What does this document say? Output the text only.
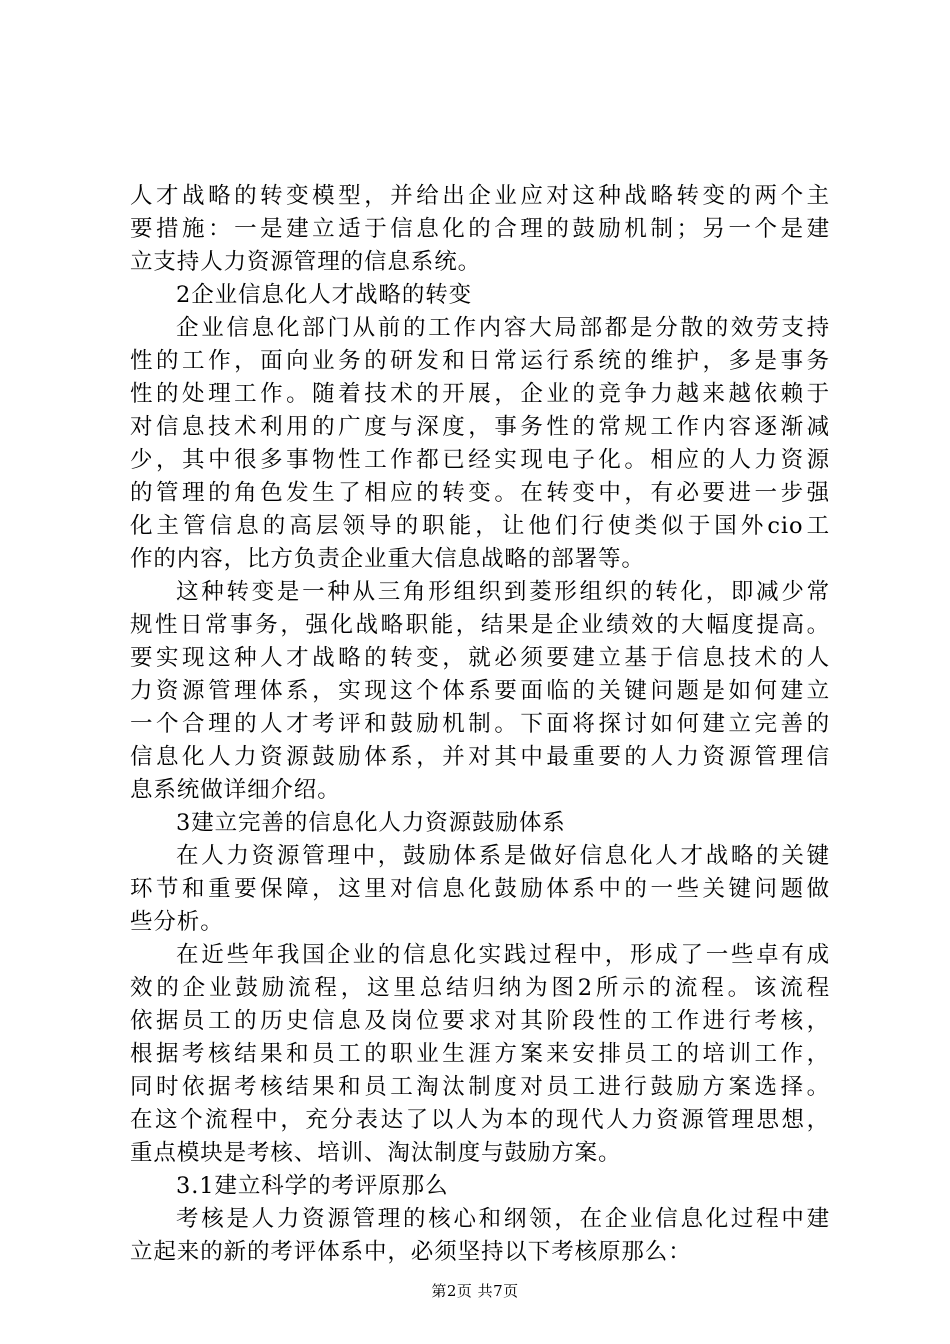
人才战略的转变模型，并给出企业应对这种战略转变的两个主
要措施：一是建立适于信息化的合理的鼓励机制；另一个是建
立支持人力资源管理的信息系统。
2企业信息化人才战略的转变
企业信息化部门从前的工作内容大局部都是分散的效劳支持
性的工作，面向业务的研发和日常运行系统的维护，多是事务
性的处理工作。随着技术的开展，企业的竞争力越来越依赖于
对信息技术利用的广度与深度，事务性的常规工作内容逐渐减
少，其中很多事物性工作都已经实现电子化。相应的人力资源
的管理的角色发生了相应的转变。在转变中，有必要进一步强
化主管信息的高层领导的职能，让他们行使类似于国外cio工
作的内容，比方负责企业重大信息战略的部署等。
这种转变是一种从三角形组织到菱形组织的转化，即减少常
规性日常事务，强化战略职能，结果是企业绩效的大幅度提高。
要实现这种人才战略的转变，就必须要建立基于信息技术的人
力资源管理体系，实现这个体系要面临的关键问题是如何建立
一个合理的人才考评和鼓励机制。下面将探讨如何建立完善的
信息化人力资源鼓励体系，并对其中最重要的人力资源管理信
息系统做详细介绍。
3建立完善的信息化人力资源鼓励体系
在人力资源管理中，鼓励体系是做好信息化人才战略的关键
环节和重要保障，这里对信息化鼓励体系中的一些关键问题做
些分析。
在近些年我国企业的信息化实践过程中，形成了一些卓有成
效的企业鼓励流程，这里总结归纳为图2所示的流程。该流程
依据员工的历史信息及岗位要求对其阶段性的工作进行考核，
根据考核结果和员工的职业生涯方案来安排员工的培训工作，
同时依据考核结果和员工淘汰制度对员工进行鼓励方案选择。
在这个流程中，充分表达了以人为本的现代人力资源管理思想，
重点模块是考核、培训、淘汰制度与鼓励方案。
3.1建立科学的考评原那么
考核是人力资源管理的核心和纲领，在企业信息化过程中建
立起来的新的考评体系中，必须坚持以下考核原那么：
第2页 共7页
